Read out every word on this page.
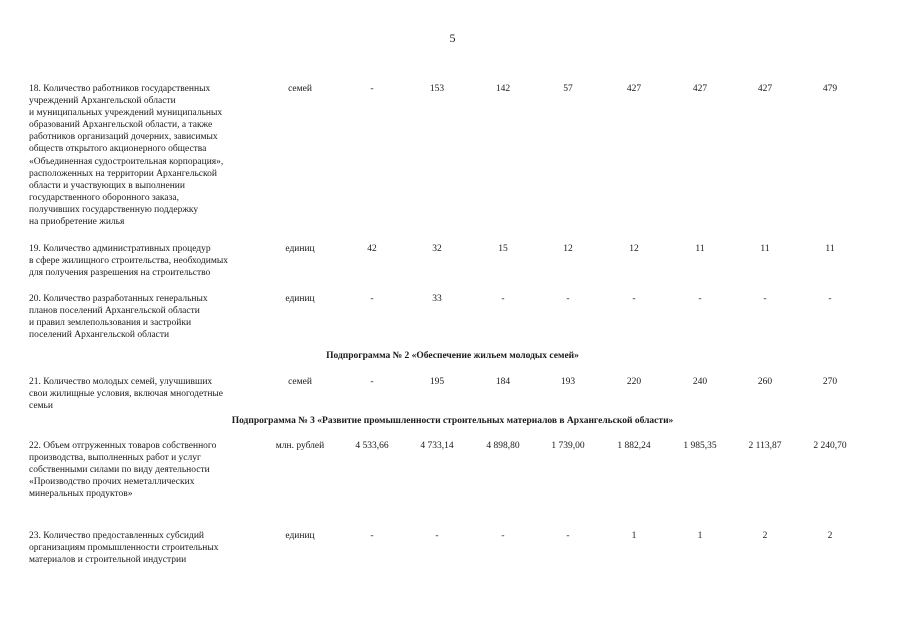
5
18. Количество работников государственных
учреждений Архангельской области
и муниципальных учреждений муниципальных
образований Архангельской области, а также
работников организаций дочерних, зависимых
обществ открытого акционерного общества
«Объединенная судостроительная корпорация»,
расположенных на территории Архангельской
области и участвующих в выполнении
государственного оборонного заказа,
получивших государственную поддержку
на приобретение жилья
семей	-	153	142	57	427	427	427	479
19. Количество административных процедур
в сфере жилищного строительства, необходимых
для получения разрешения на строительство
единиц	42	32	15	12	12	11	11	11
20. Количество разработанных генеральных
планов поселений Архангельской области
и правил землепользования и застройки
поселений Архангельской области
единиц	-	33	-	-	-	-	-	-
Подпрограмма № 2 «Обеспечение жильем молодых семей»
21. Количество молодых семей, улучшивших
свои жилищные условия, включая многодетные
семьи
семей	-	195	184	193	220	240	260	270
Подпрограмма № 3 «Развитие промышленности строительных материалов в Архангельской области»
22. Объем отгруженных товаров собственного
производства, выполненных работ и услуг
собственными силами по виду деятельности
«Производство прочих неметаллических
минеральных продуктов»
млн. рублей	4 533,66	4 733,14	4 898,80	1 739,00	1 882,24	1 985,35	2 113,87	2 240,70
23. Количество предоставленных субсидий
организациям промышленности строительных
материалов и строительной индустрии
единиц	-	-	-	-	1	1	2	2
